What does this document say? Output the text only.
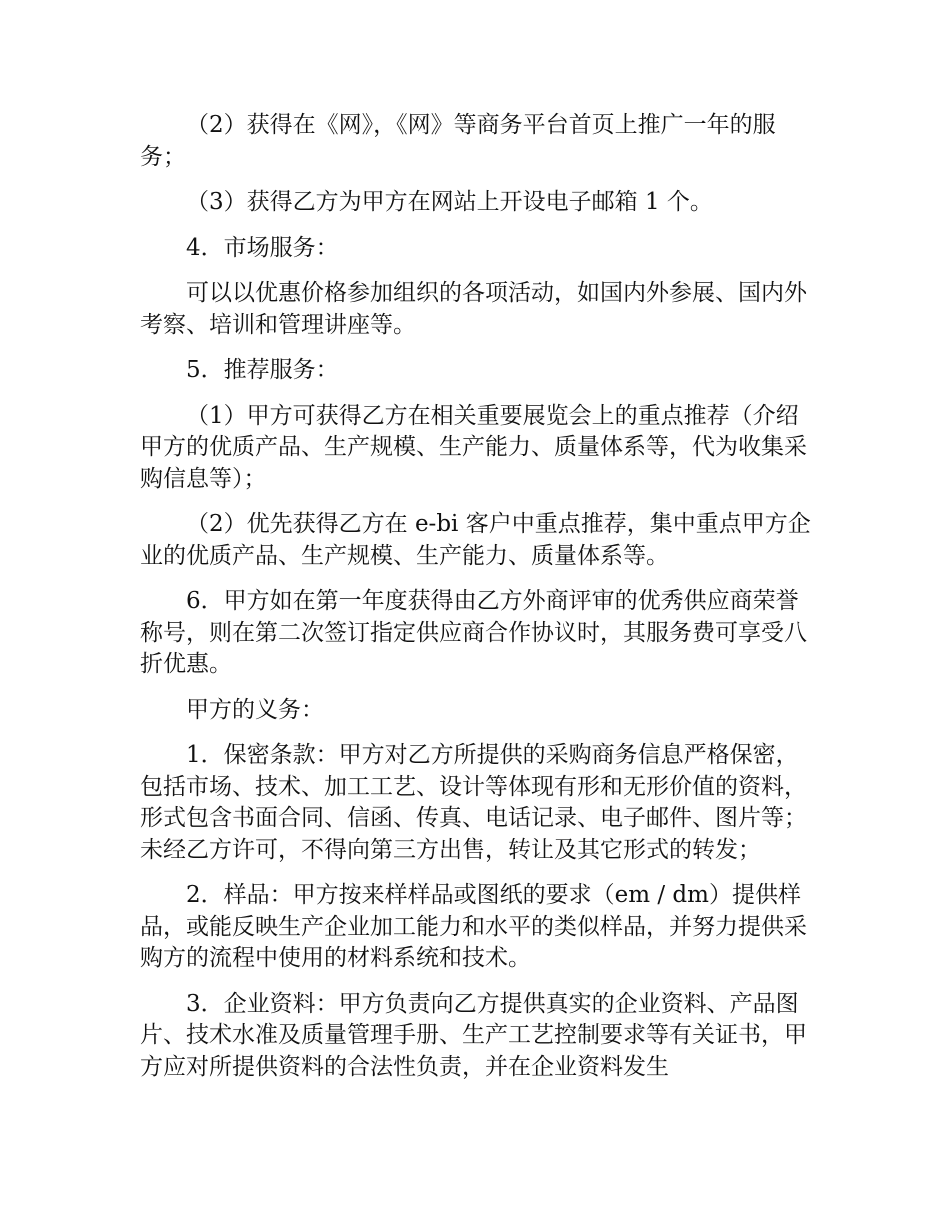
（2）获得在《网》，《网》等商务平台首页上推广一年的服务；

（3）获得乙方为甲方在网站上开设电子邮箱 1 个。

4．市场服务：

可以以优惠价格参加组织的各项活动，如国内外参展、国内外考察、培训和管理讲座等。

5．推荐服务：

（1）甲方可获得乙方在相关重要展览会上的重点推荐（介绍甲方的优质产品、生产规模、生产能力、质量体系等，代为收集采购信息等）；

（2）优先获得乙方在 e-bi 客户中重点推荐，集中重点甲方企业的优质产品、生产规模、生产能力、质量体系等。

6．甲方如在第一年度获得由乙方外商评审的优秀供应商荣誉称号，则在第二次签订指定供应商合作协议时，其服务费可享受八折优惠。

甲方的义务：

1．保密条款：甲方对乙方所提供的采购商务信息严格保密，包括市场、技术、加工工艺、设计等体现有形和无形价值的资料，形式包含书面合同、信函、传真、电话记录、电子邮件、图片等；未经乙方许可，不得向第三方出售，转让及其它形式的转发；

2．样品：甲方按来样样品或图纸的要求（em / dm）提供样品，或能反映生产企业加工能力和水平的类似样品，并努力提供采购方的流程中使用的材料系统和技术。

3．企业资料：甲方负责向乙方提供真实的企业资料、产品图片、技术水准及质量管理手册、生产工艺控制要求等有关证书，甲方应对所提供资料的合法性负责，并在企业资料发生
